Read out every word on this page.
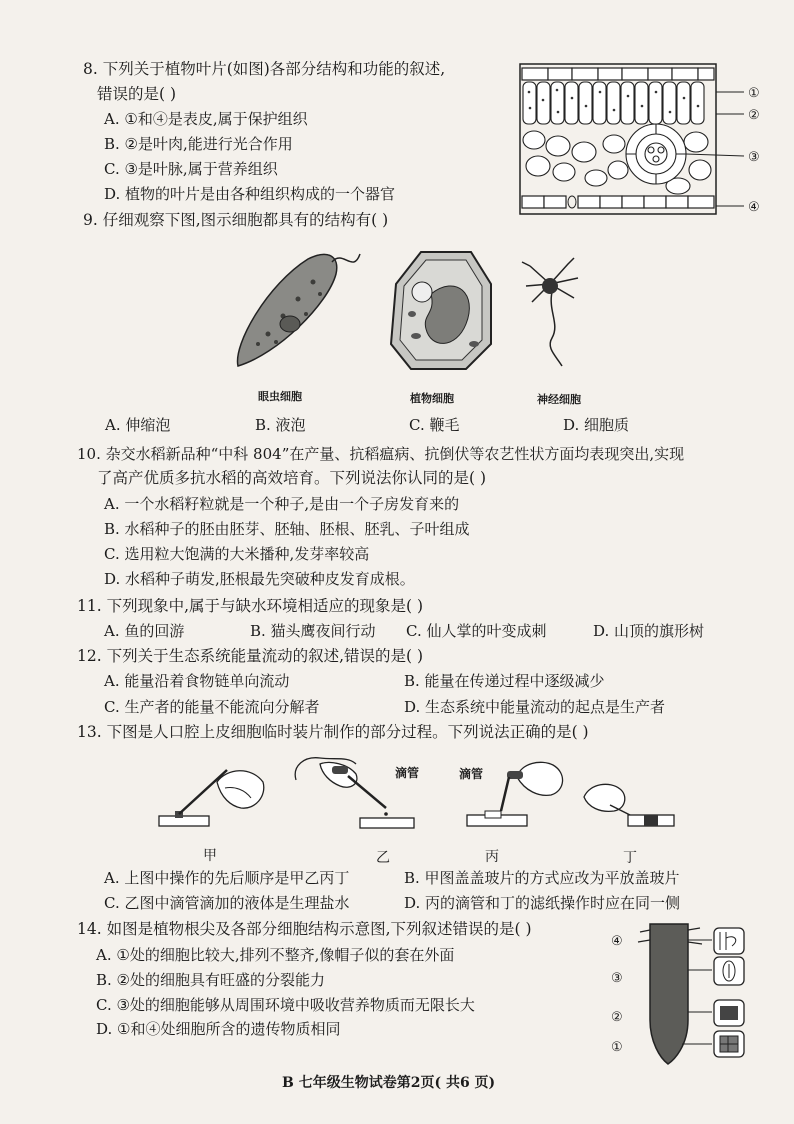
8. 下列关于植物叶片(如图)各部分结构和功能的叙述,
错误的是( )
A. ①和④是表皮,属于保护组织
B. ②是叶肉,能进行光合作用
C. ③是叶脉,属于营养组织
D. 植物的叶片是由各种组织构成的一个器官
①
②
③
④
9. 仔细观察下图,图示细胞都具有的结构有( )
眼虫细胞	植物细胞	神经细胞
A. 伸缩泡	B. 液泡	C. 鞭毛	D. 细胞质
10. 杂交水稻新品种“中科 804”在产量、抗稻瘟病、抗倒伏等农艺性状方面均表现突出,实现
了高产优质多抗水稻的高效培育。下列说法你认同的是( )
A. 一个水稻籽粒就是一个种子,是由一个子房发育来的
B. 水稻种子的胚由胚芽、胚轴、胚根、胚乳、子叶组成
C. 选用粒大饱满的大米播种,发芽率较高
D. 水稻种子萌发,胚根最先突破种皮发育成根。
11. 下列现象中,属于与缺水环境相适应的现象是( )
A. 鱼的回游	B. 猫头鹰夜间行动 C. 仙人掌的叶变成刺	D. 山顶的旗形树
12. 下列关于生态系统能量流动的叙述,错误的是( )
A. 能量沿着食物链单向流动	B. 能量在传递过程中逐级减少
C. 生产者的能量不能流向分解者	D. 生态系统中能量流动的起点是生产者
13. 下图是人口腔上皮细胞临时装片制作的部分过程。下列说法正确的是( )
滴管	滴管
甲	乙	丙	丁
A. 上图中操作的先后顺序是甲乙丙丁	B. 甲图盖盖玻片的方式应改为平放盖玻片
C. 乙图中滴管滴加的液体是生理盐水	D. 丙的滴管和丁的滤纸操作时应在同一侧
14. 如图是植物根尖及各部分细胞结构示意图,下列叙述错误的是( )
A. ①处的细胞比较大,排列不整齐,像帽子似的套在外面
B. ②处的细胞具有旺盛的分裂能力
C. ③处的细胞能够从周围环境中吸收营养物质而无限长大
D. ①和④处细胞所含的遗传物质相同
④
③
②
①
B 七年级生物试卷第2页( 共6 页)
